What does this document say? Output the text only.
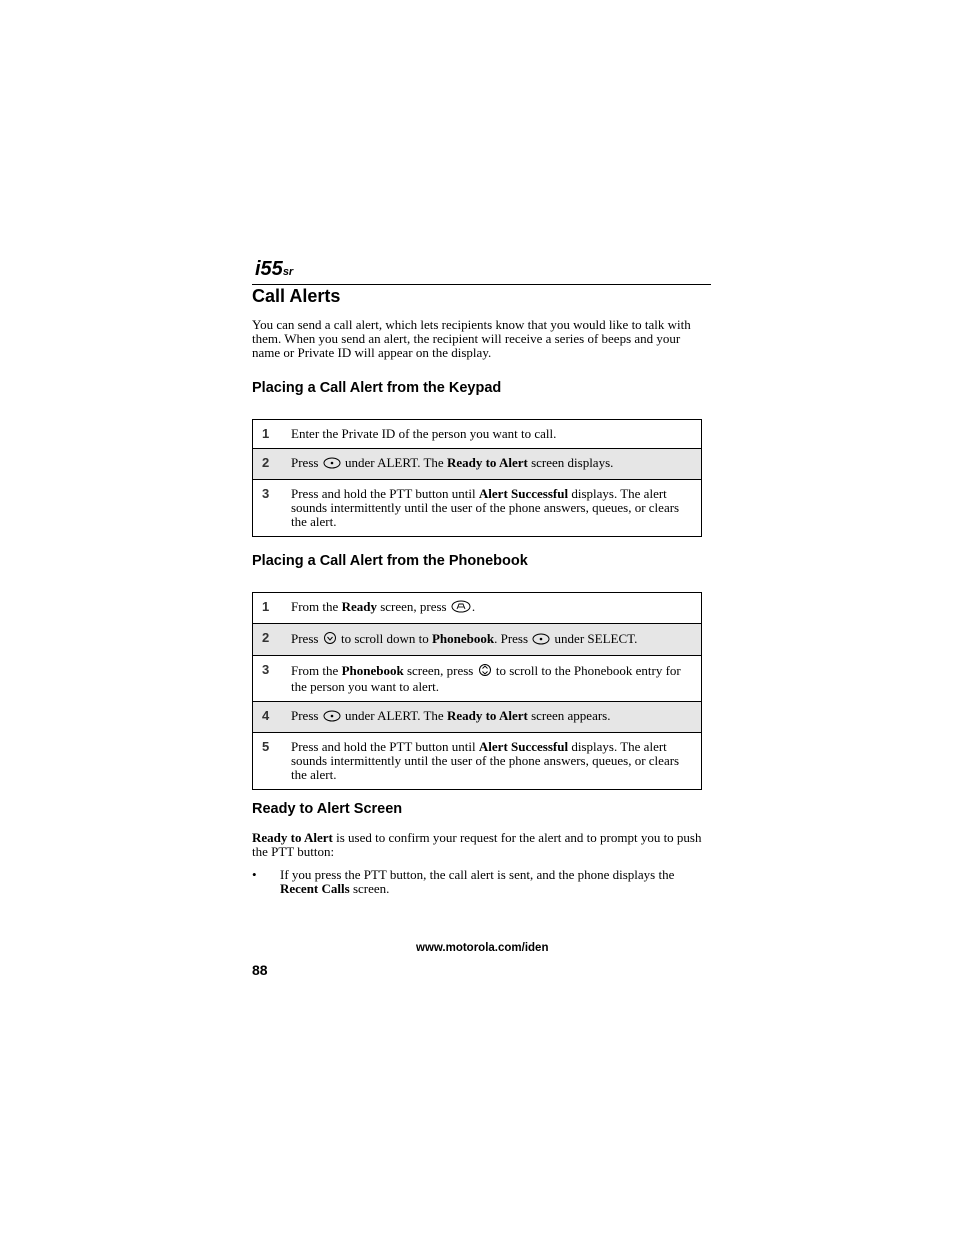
i55sr
Call Alerts

You can send a call alert, which lets recipients know that you would like to talk with them. When you send an alert, the recipient will receive a series of beeps and your name or Private ID will appear on the display.

Placing a Call Alert from the Keypad
1	Enter the Private ID of the person you want to call.
2	Press  under ALERT. The Ready to Alert screen displays.
3	Press and hold the PTT button until Alert Successful displays. The alert sounds intermittently until the user of the phone answers, queues, or clears the alert.
Placing a Call Alert from the Phonebook
1	From the Ready screen, press .
2	Press  to scroll down to Phonebook. Press  under SELECT.
3	From the Phonebook screen, press  to scroll to the Phonebook entry for the person you want to alert.
4	Press  under ALERT. The Ready to Alert screen appears.
5	Press and hold the PTT button until Alert Successful displays. The alert sounds intermittently until the user of the phone answers, queues, or clears the alert.
Ready to Alert Screen

Ready to Alert is used to confirm your request for the alert and to prompt you to push the PTT button:

• If you press the PTT button, the call alert is sent, and the phone displays the Recent Calls screen.
www.motorola.com/iden
88
